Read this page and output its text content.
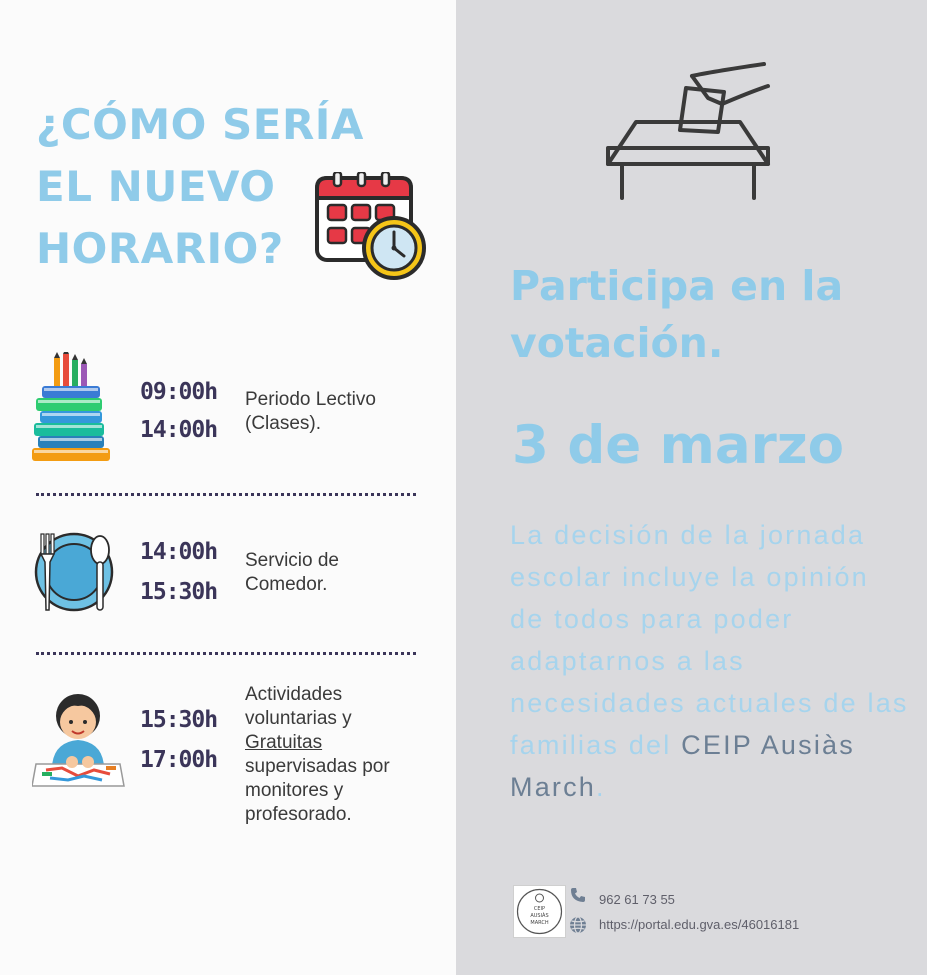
¿CÓMO SERÍA
EL NUEVO
HORARIO?
09:00h
14:00h
Periodo Lectivo (Clases).
14:00h
15:30h
Servicio de Comedor.
15:30h
17:00h
Actividades voluntarias y Gratuitas supervisadas por monitores y profesorado.
Participa en la votación.
3 de marzo
La decisión de la jornada escolar incluye la opinión de todos para poder adaptarnos a las necesidades actuales de las familias del CEIP Ausiàs March.
CEIP
AUSIÀS
MARCH
962 61 73 55
https://portal.edu.gva.es/46016181
